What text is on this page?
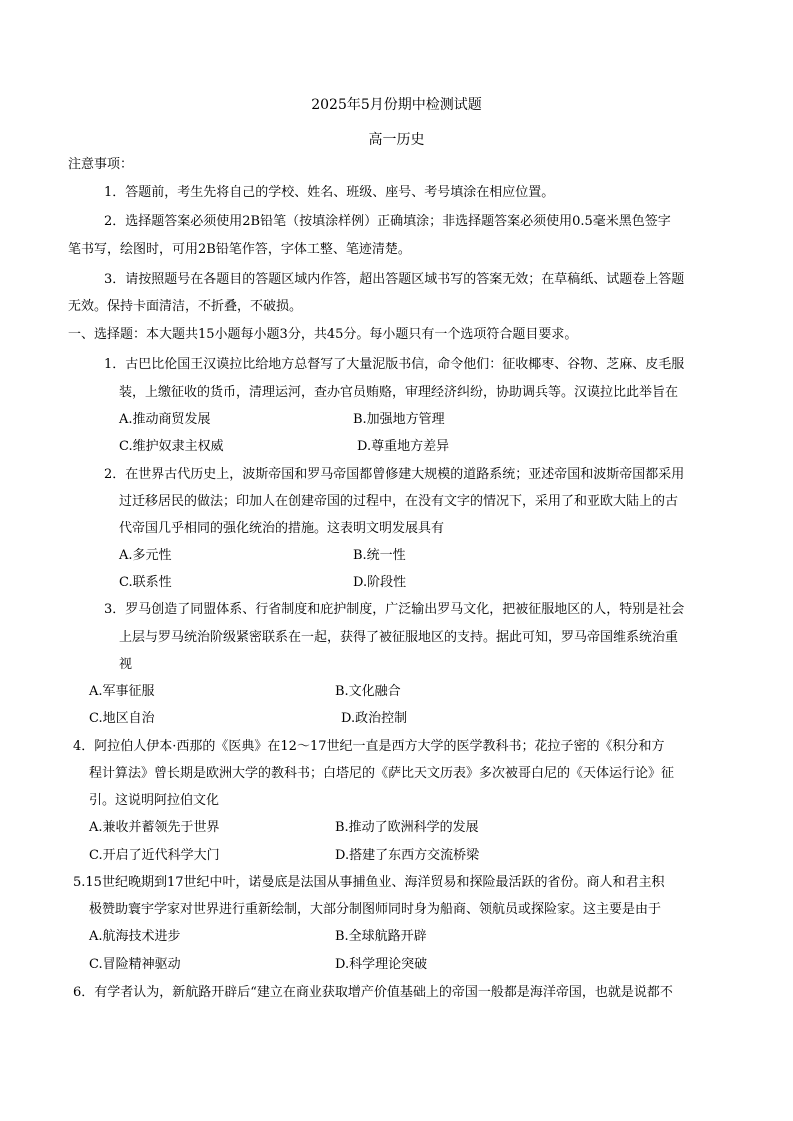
2025年5月份期中检测试题
高一历史
注意事项：
1．答题前，考生先将自己的学校、姓名、班级、座号、考号填涂在相应位置。
2．选择题答案必须使用2B铅笔（按填涂样例）正确填涂；非选择题答案必须使用0.5毫米黑色签字
笔书写，绘图时，可用2B铅笔作答，字体工整、笔迹清楚。
3．请按照题号在各题目的答题区域内作答，超出答题区域书写的答案无效；在草稿纸、试题卷上答题
无效。保持卡面清洁，不折叠，不破损。
一、选择题：本大题共15小题每小题3分，共45分。每小题只有一个选项符合题目要求。
1．古巴比伦国王汉谟拉比给地方总督写了大量泥版书信，命令他们：征收椰枣、谷物、芝麻、皮毛服
装，上缴征收的货币，清理运河，查办官员贿赂，审理经济纠纷，协助调兵等。汉谟拉比此举旨在
A.推动商贸发展	B.加强地方管理
C.维护奴隶主权威	D.尊重地方差异
2．在世界古代历史上，波斯帝国和罗马帝国都曾修建大规模的道路系统；亚述帝国和波斯帝国都采用
过迁移居民的做法；印加人在创建帝国的过程中，在没有文字的情况下，采用了和亚欧大陆上的古
代帝国几乎相同的强化统治的措施。这表明文明发展具有
A.多元性	B.统一性
C.联系性	D.阶段性
3．罗马创造了同盟体系、行省制度和庇护制度，广泛输出罗马文化，把被征服地区的人，特别是社会
上层与罗马统治阶级紧密联系在一起，获得了被征服地区的支持。据此可知，罗马帝国维系统治重
视
A.军事征服	B.文化融合
C.地区自治	D.政治控制
4．阿拉伯人伊本·西那的《医典》在12～17世纪一直是西方大学的医学教科书；花拉子密的《积分和方
程计算法》曾长期是欧洲大学的教科书；白塔尼的《萨比天文历表》多次被哥白尼的《天体运行论》征
引。这说明阿拉伯文化
A.兼收并蓄领先于世界	B.推动了欧洲科学的发展
C.开启了近代科学大门	D.搭建了东西方交流桥梁
5.15世纪晚期到17世纪中叶，诺曼底是法国从事捕鱼业、海洋贸易和探险最活跃的省份。商人和君主积
极赞助寰宇学家对世界进行重新绘制，大部分制图师同时身为船商、领航员或探险家。这主要是由于
A.航海技术进步	B.全球航路开辟
C.冒险精神驱动	D.科学理论突破
6．有学者认为，新航路开辟后“建立在商业获取增产价值基础上的帝国一般都是海洋帝国，也就是说都不
